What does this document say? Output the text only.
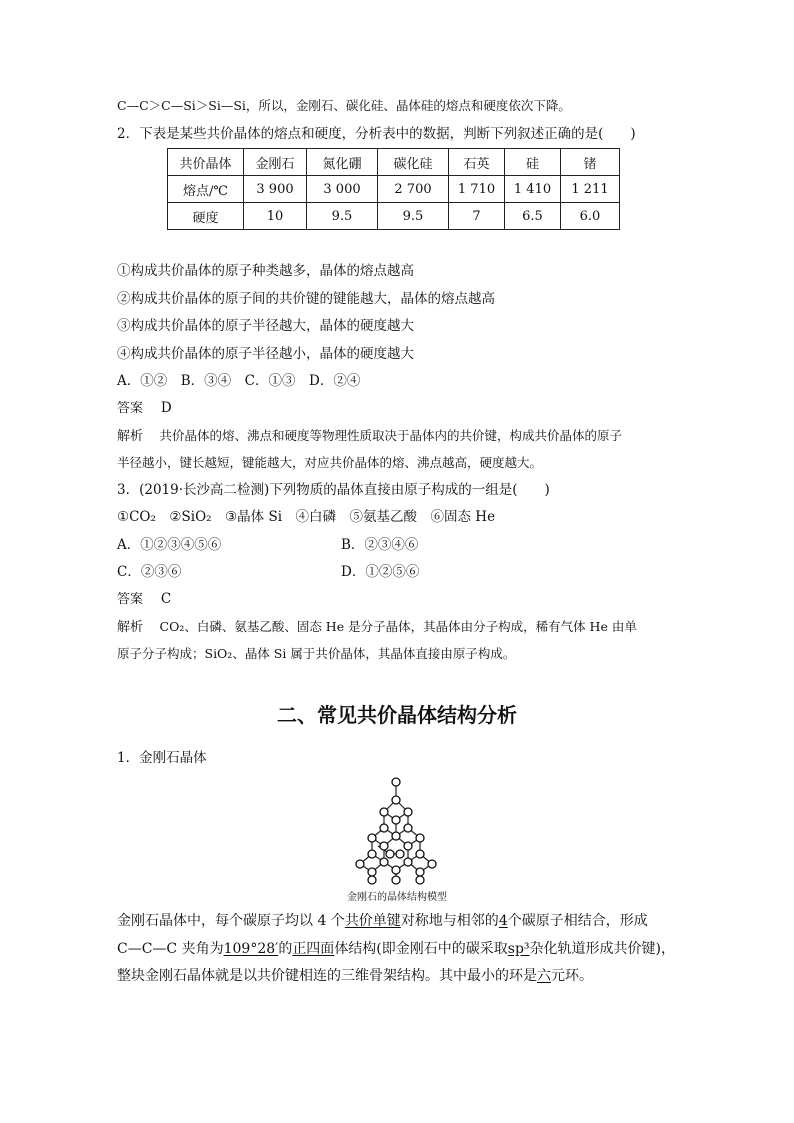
C—C＞C—Si＞Si—Si，所以，金刚石、碳化硅、晶体硅的熔点和硬度依次下降。
2．下表是某些共价晶体的熔点和硬度，分析表中的数据，判断下列叙述正确的是(　　)
共价晶体	金刚石	氮化硼	碳化硅	石英	硅	锗
熔点/℃	3 900	3 000	2 700	1 710	1 410	1 211
硬度	10	9.5	9.5	7	6.5	6.0
①构成共价晶体的原子种类越多，晶体的熔点越高
②构成共价晶体的原子间的共价键的键能越大，晶体的熔点越高
③构成共价晶体的原子半径越大，晶体的硬度越大
④构成共价晶体的原子半径越小，晶体的硬度越大
A．①②　B．③④　C．①③　D．②④
答案　 D
解析　 共价晶体的熔、沸点和硬度等物理性质取决于晶体内的共价键，构成共价晶体的原子
半径越小，键长越短，键能越大，对应共价晶体的熔、沸点越高，硬度越大。
3．(2019·长沙高二检测)下列物质的晶体直接由原子构成的一组是(　　)
①CO₂　②SiO₂　③晶体 Si　④白磷　⑤氨基乙酸　⑥固态 He
A．①②③④⑤⑥	B．②③④⑥
C．②③⑥	D．①②⑤⑥
答案　 C
解析　 CO₂、白磷、氨基乙酸、固态 He 是分子晶体，其晶体由分子构成，稀有气体 He 由单
原子分子构成；SiO₂、晶体 Si 属于共价晶体，其晶体直接由原子构成。
二、常见共价晶体结构分析
1．金刚石晶体
金刚石的晶体结构模型
金刚石晶体中，每个碳原子均以 4 个共价单键对称地与相邻的4个碳原子相结合，形成
C—C—C 夹角为109°28′的正四面体结构(即金刚石中的碳采取sp³杂化轨道形成共价键)，
整块金刚石晶体就是以共价键相连的三维骨架结构。其中最小的环是六元环。
